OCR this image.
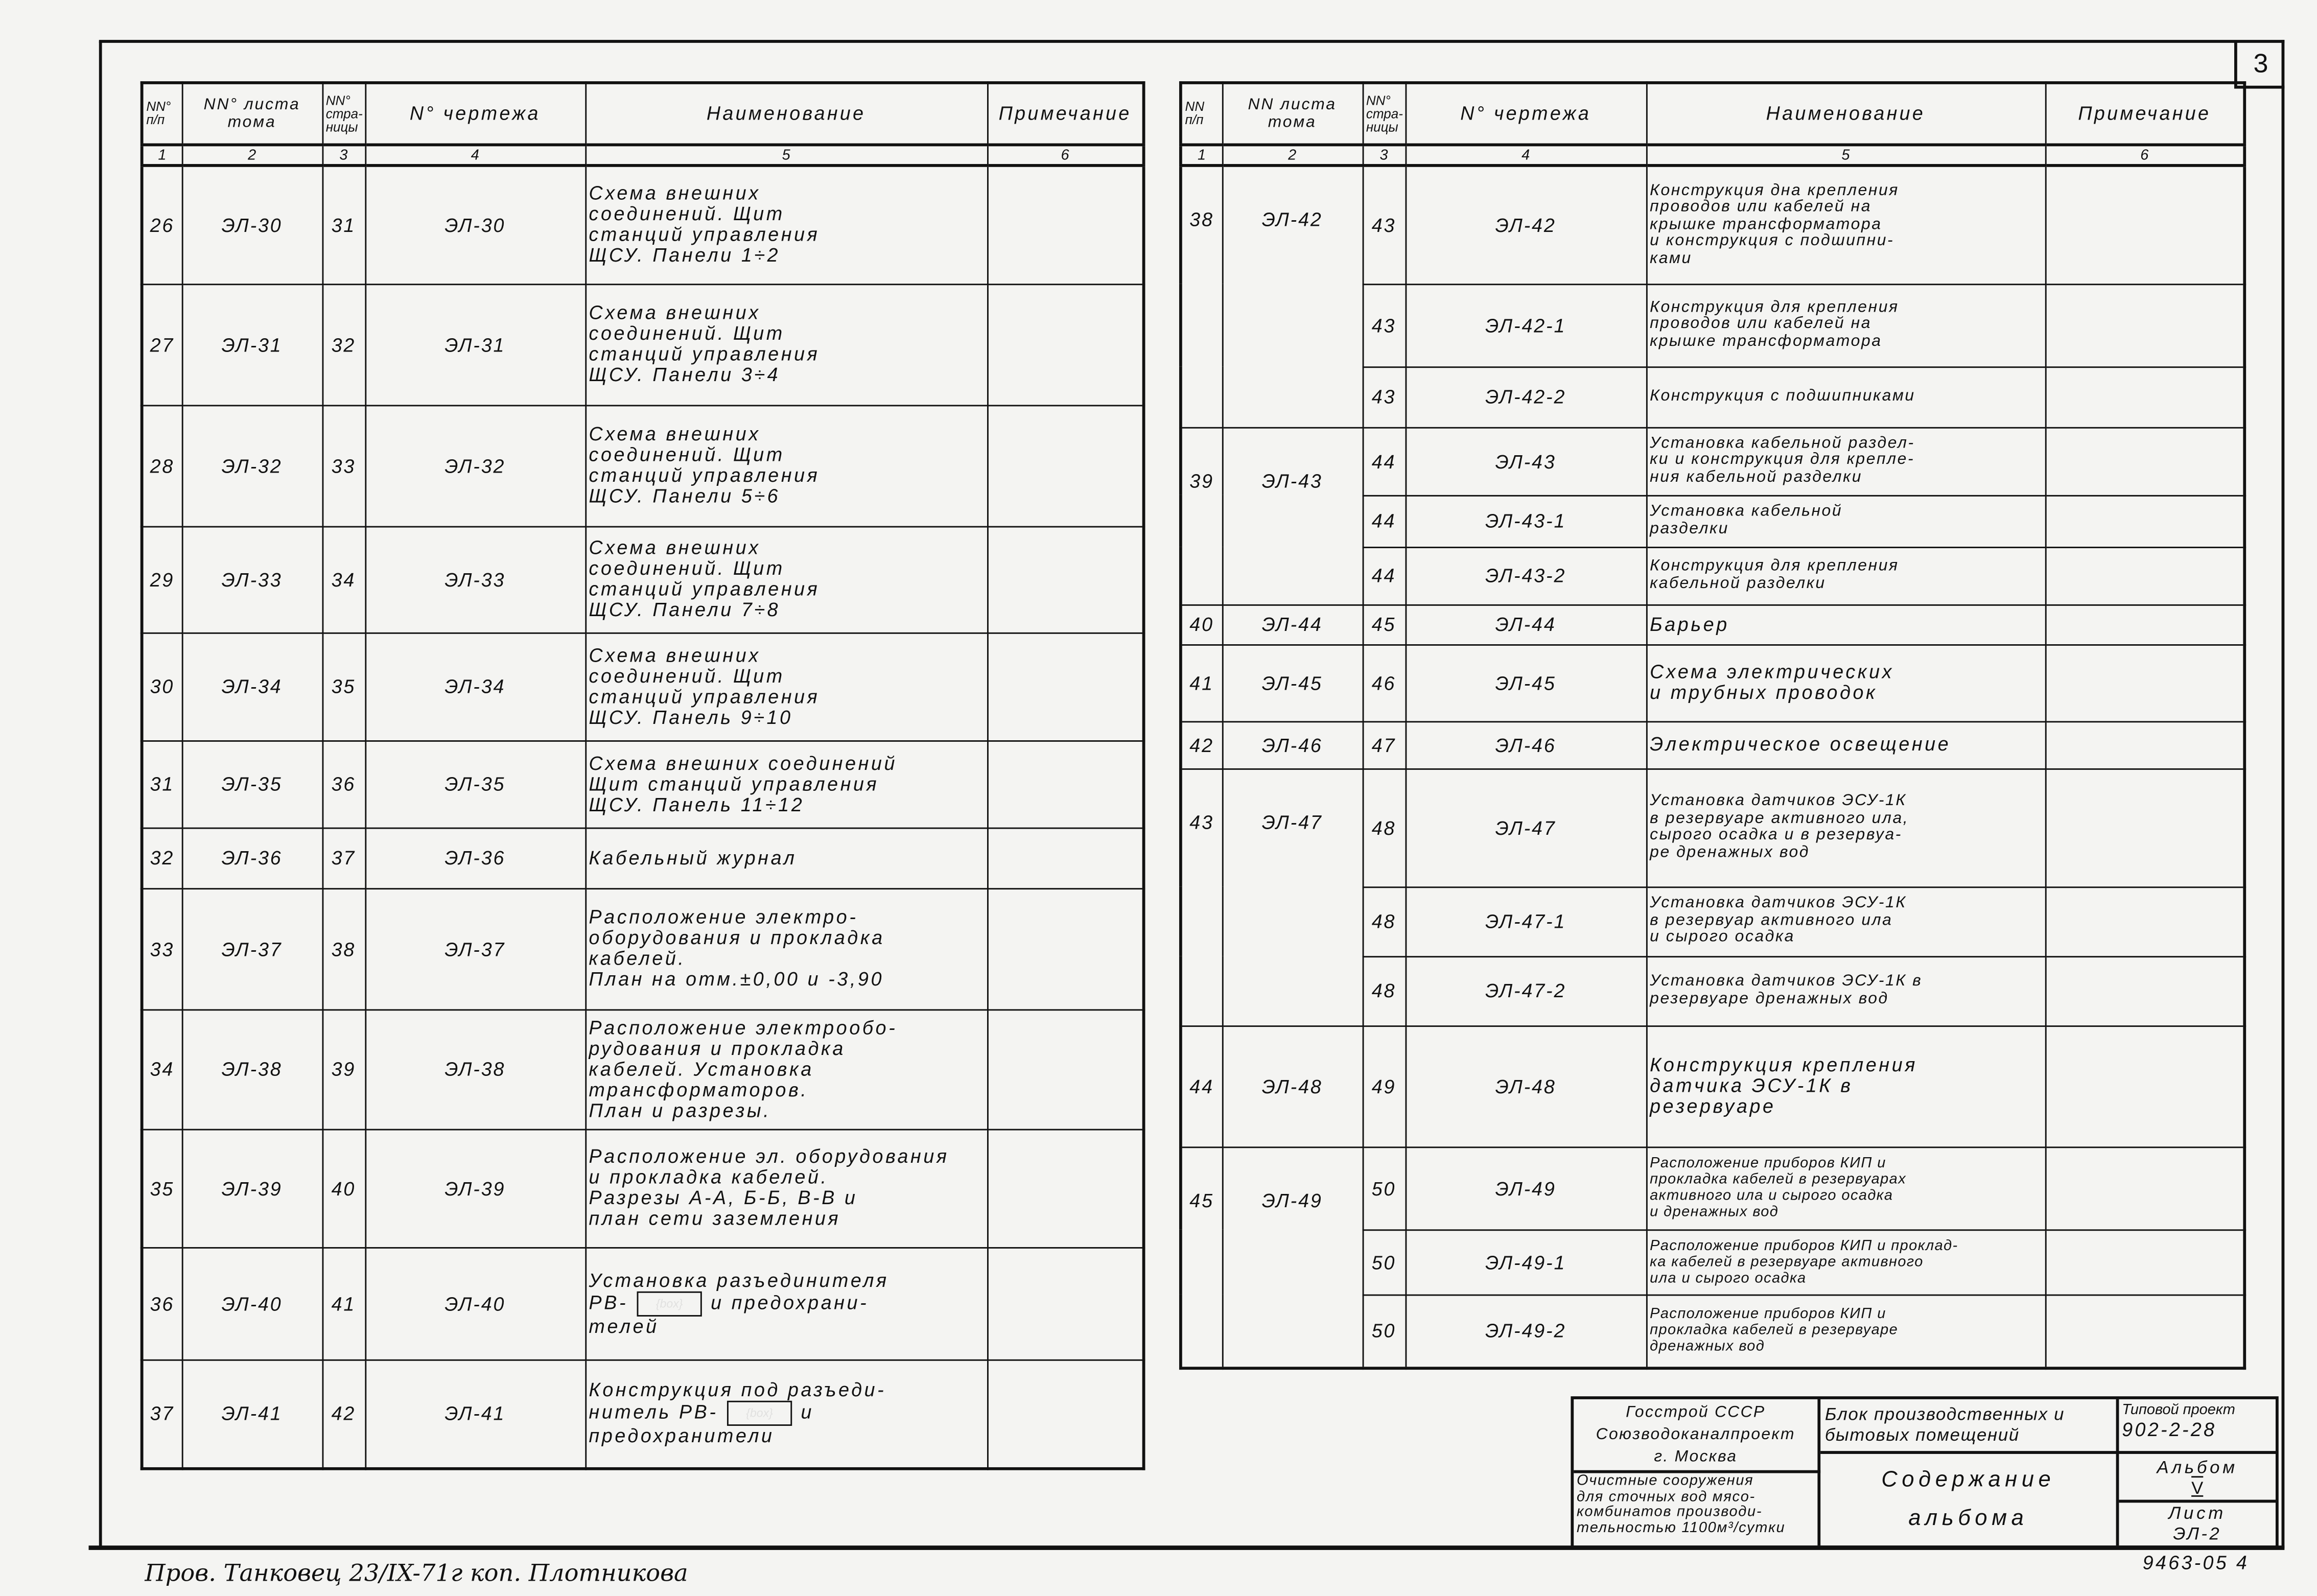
3
NN° п/п	NN° листа тома	NN° стра-ницы	N° чертежа	Наименование	Примечание
1	2	3	4	5	6
26	ЭЛ-30	31	ЭЛ-30	Схема внешних
соединений. Щит
станций управления
ЩСУ. Панели 1÷2	
27	ЭЛ-31	32	ЭЛ-31	Схема внешних
соединений. Щит
станций управления
ЩСУ. Панели 3÷4	
28	ЭЛ-32	33	ЭЛ-32	Схема внешних
соединений. Щит
станций управления
ЩСУ. Панели 5÷6	
29	ЭЛ-33	34	ЭЛ-33	Схема внешних
соединений. Щит
станций управления
ЩСУ. Панели 7÷8	
30	ЭЛ-34	35	ЭЛ-34	Схема внешних
соединений. Щит
станций управления
ЩСУ. Панель 9÷10	
31	ЭЛ-35	36	ЭЛ-35	Схема внешних соединений
Щит станций управления
ЩСУ. Панель 11÷12	
32	ЭЛ-36	37	ЭЛ-36	Кабельный журнал	
33	ЭЛ-37	38	ЭЛ-37	Расположение электро-
оборудования и прокладка
кабелей.
План на отм.±0,00 и -3,90	
34	ЭЛ-38	39	ЭЛ-38	Расположение электрообо-
рудования и прокладка
кабелей. Установка
трансформаторов.
План и разрезы.	
35	ЭЛ-39	40	ЭЛ-39	Расположение эл. оборудования
и прокладка кабелей.
Разрезы А-А, Б-Б, В-В и
план сети заземления	
36	ЭЛ-40	41	ЭЛ-40	Установка разъединителя
РВ- {box} и предохрани-
телей	
37	ЭЛ-41	42	ЭЛ-41	Конструкция под разъеди-
нитель РВ- {box} и
предохранители	
NN п/п	NN листа тома	NN° стра-ницы	N° чертежа	Наименование	Примечание
1	2	3	4	5	6
38	ЭЛ-42	43	ЭЛ-42	Конструкция дна крепления
проводов или кабелей на
крышке трансформатора
и конструкция с подшипни-
ками	
		43	ЭЛ-42-1	Конструкция для крепления
проводов или кабелей на
крышке трансформатора	
		43	ЭЛ-42-2	Конструкция с подшипниками	
39	ЭЛ-43	44	ЭЛ-43	Установка кабельной раздел-
ки и конструкция для крепле-
ния кабельной разделки	
		44	ЭЛ-43-1	Установка кабельной
разделки	
		44	ЭЛ-43-2	Конструкция для крепления
кабельной разделки	
40	ЭЛ-44	45	ЭЛ-44	Барьер	
41	ЭЛ-45	46	ЭЛ-45	Схема электрических
и трубных проводок	
42	ЭЛ-46	47	ЭЛ-46	Электрическое освещение	
43	ЭЛ-47	48	ЭЛ-47	Установка датчиков ЭСУ-1К
в резервуаре активного ила,
сырого осадка и в резервуа-
ре дренажных вод	
		48	ЭЛ-47-1	Установка датчиков ЭСУ-1К
в резервуар активного ила
и сырого осадка	
		48	ЭЛ-47-2	Установка датчиков ЭСУ-1К в
резервуаре дренажных вод	
44	ЭЛ-48	49	ЭЛ-48	Конструкция крепления
датчика ЭСУ-1К в
резервуаре	
45	ЭЛ-49	50	ЭЛ-49	Расположение приборов КИП и
прокладка кабелей в резервуарах
активного ила и сырого осадка
и дренажных вод	
		50	ЭЛ-49-1	Расположение приборов КИП и проклад-
ка кабелей в резервуаре активного
ила и сырого осадка	
		50	ЭЛ-49-2	Расположение приборов КИП и
прокладка кабелей в резервуаре
дренажных вод	
Госстрой СССР
Союзводоканалпроект
г. Москва
Очистные сооружения
для сточных вод мясо-
комбинатов производи-
тельностью 1100м³/сутки
Блок производственных и
бытовых помещений
Содержание
альбома
Типовой проект
902-2-28
Альбом
V
Лист
ЭЛ-2
9463-05 4
Пров. Танковец 23/IX-71г коп. Плотникова
